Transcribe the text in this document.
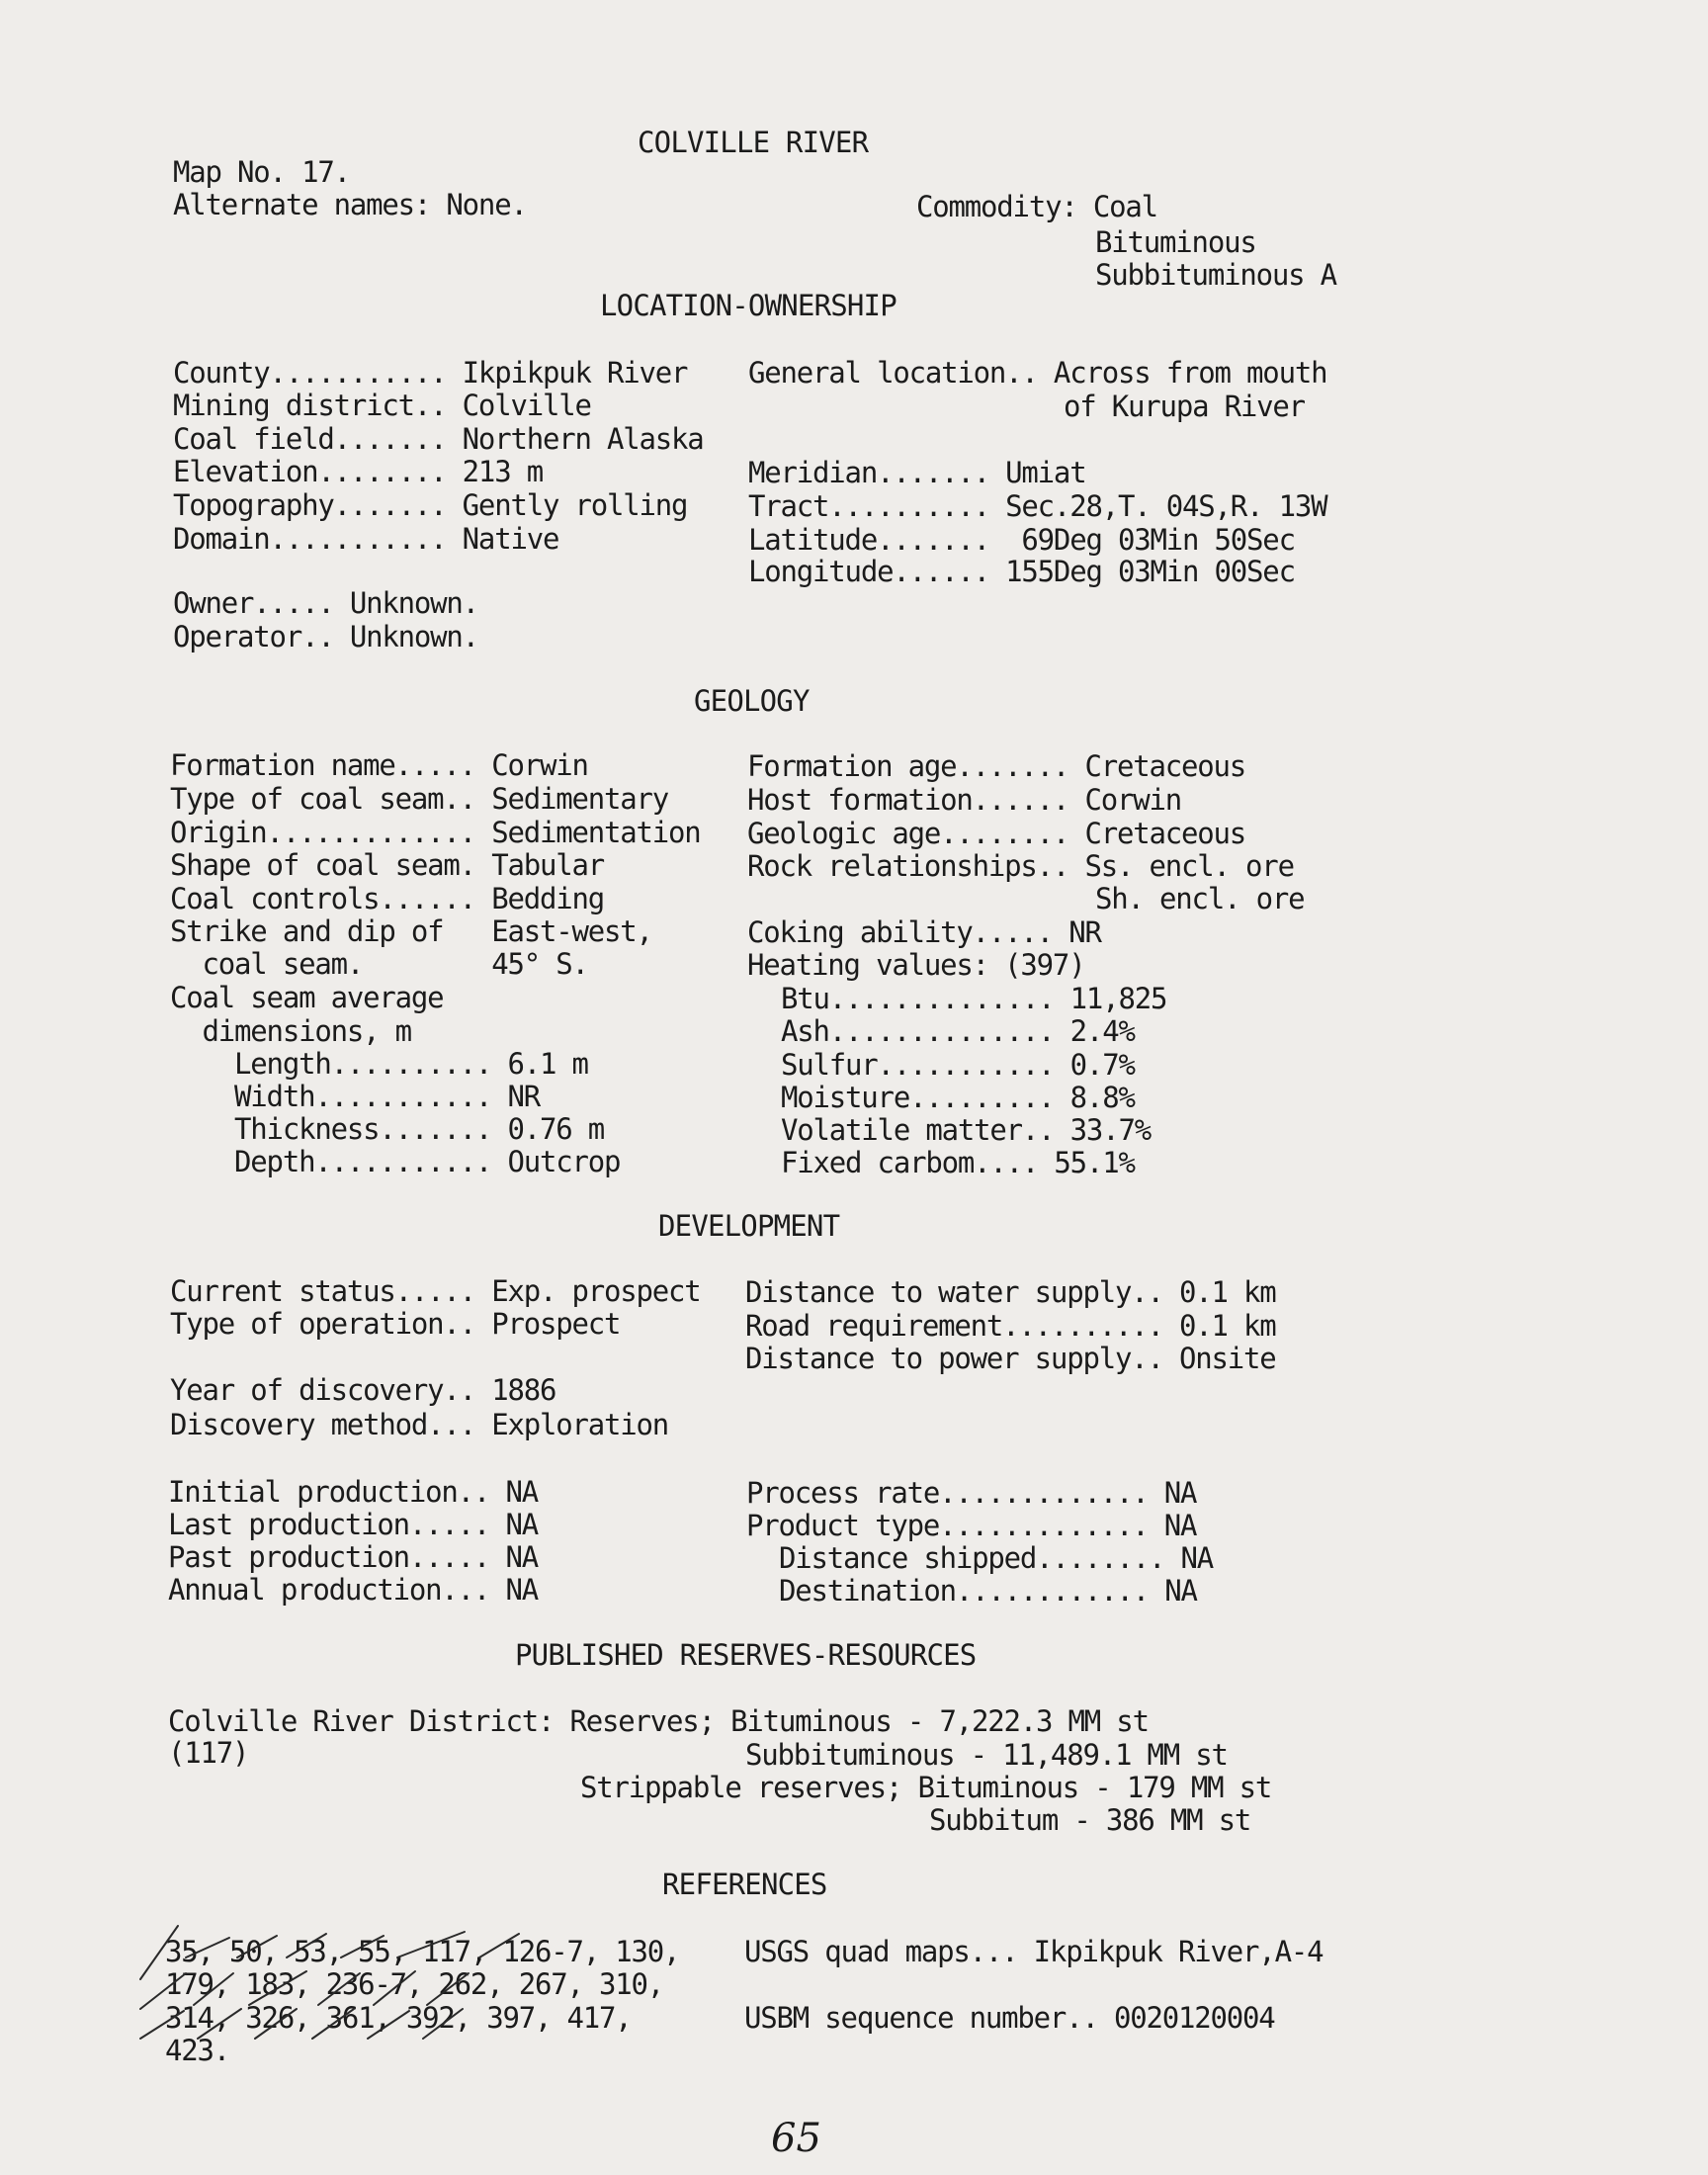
COLVILLE RIVER
Map No. 17.
Alternate names: None.	Commodity: Coal
Bituminous
Subbituminous A
LOCATION-OWNERSHIP
County........... Ikpikpuk River
Mining district.. Colville
Coal field....... Northern Alaska
Elevation........ 213 m
Topography....... Gently rolling
Domain........... Native
General location.. Across from mouth
of Kurupa River
Meridian....... Umiat
Tract.......... Sec.28,T. 04S,R. 13W
Latitude.......  69Deg 03Min 50Sec
Longitude...... 155Deg 03Min 00Sec
Owner..... Unknown.
Operator.. Unknown.
GEOLOGY
Formation name..... Corwin
Type of coal seam.. Sedimentary
Origin............. Sedimentation
Shape of coal seam. Tabular
Coal controls...... Bedding
Strike and dip of   East-west,
coal seam.        45° S.
Coal seam average
dimensions, m
Length.......... 6.1 m
Width........... NR
Thickness....... 0.76 m
Depth........... Outcrop
Formation age....... Cretaceous
Host formation...... Corwin
Geologic age........ Cretaceous
Rock relationships.. Ss. encl. ore
Sh. encl. ore
Coking ability..... NR
Heating values: (397)
Btu.............. 11,825
Ash.............. 2.4%
Sulfur........... 0.7%
Moisture......... 8.8%
Volatile matter.. 33.7%
Fixed carbom.... 55.1%
DEVELOPMENT
Current status..... Exp. prospect
Type of operation.. Prospect
Year of discovery.. 1886
Discovery method... Exploration
Distance to water supply.. 0.1 km
Road requirement.......... 0.1 km
Distance to power supply.. Onsite
Initial production.. NA
Last production..... NA
Past production..... NA
Annual production... NA
Process rate............. NA
Product type............. NA
Distance shipped........ NA
Destination............ NA
PUBLISHED RESERVES-RESOURCES
Colville River District: Reserves; Bituminous - 7,222.3 MM st
(117)	Subbituminous - 11,489.1 MM st
Strippable reserves; Bituminous - 179 MM st
Subbitum - 386 MM st
REFERENCES
35, 50, 53, 55, 117, 126-7, 130,
179, 183, 236-7, 262, 267, 310,
314, 326, 361, 392, 397, 417,
423.
USGS quad maps... Ikpikpuk River,A-4
USBM sequence number.. 0020120004
65
